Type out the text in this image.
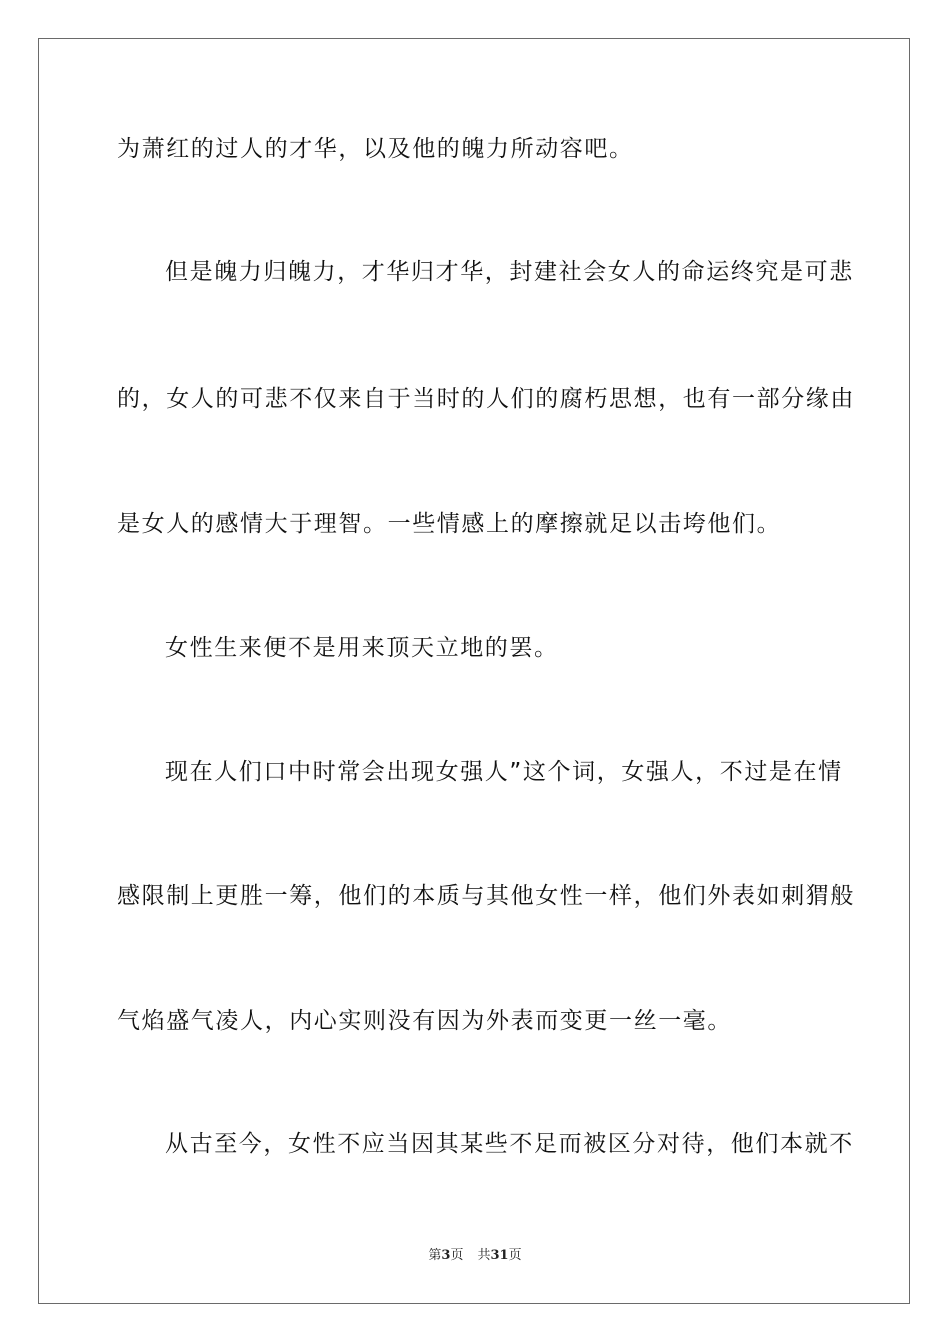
为萧红的过人的才华，以及他的魄力所动容吧。
但是魄力归魄力，才华归才华，封建社会女人的命运终究是可悲
的，女人的可悲不仅来自于当时的人们的腐朽思想，也有一部分缘由
是女人的感情大于理智。一些情感上的摩擦就足以击垮他们。
女性生来便不是用来顶天立地的罢。
现在人们口中时常会出现女强人”这个词，女强人，不过是在情
感限制上更胜一筹，他们的本质与其他女性一样，他们外表如刺猬般
气焰盛气凌人，内心实则没有因为外表而变更一丝一毫。
从古至今，女性不应当因其某些不足而被区分对待，他们本就不
第3页 共31页
